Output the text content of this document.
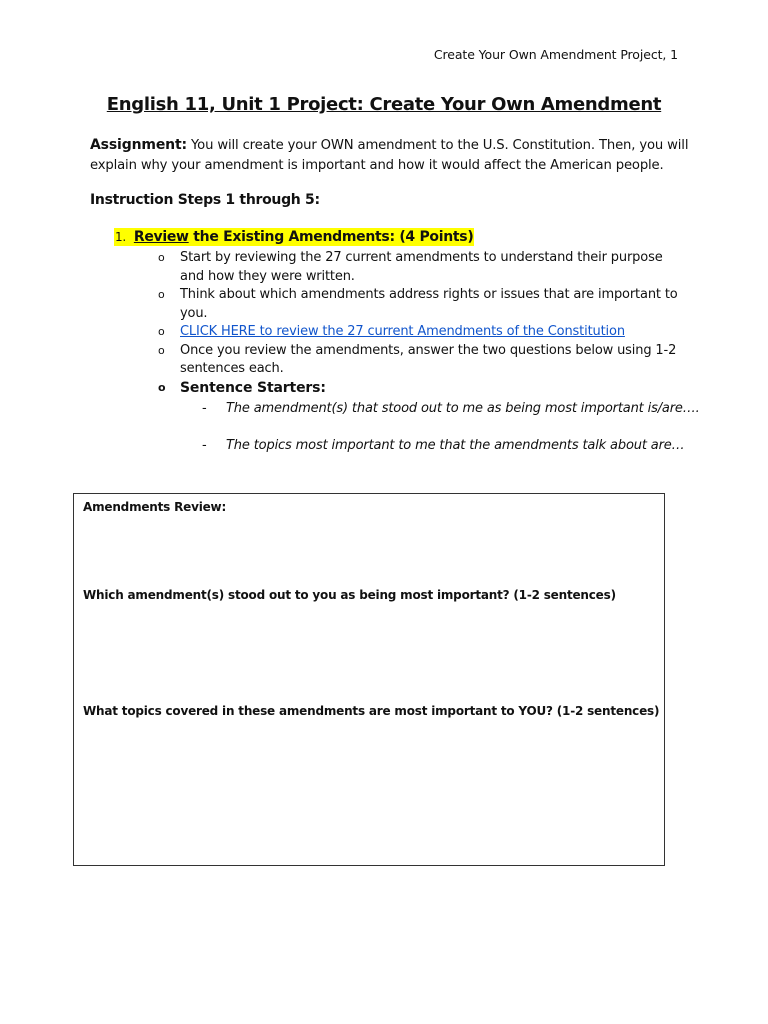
Create Your Own Amendment Project, 1
English 11, Unit 1 Project: Create Your Own Amendment
Assignment: You will create your OWN amendment to the U.S. Constitution. Then, you will explain why your amendment is important and how it would affect the American people.
Instruction Steps 1 through 5:
1. Review the Existing Amendments: (4 Points)
o Start by reviewing the 27 current amendments to understand their purpose and how they were written.
o Think about which amendments address rights or issues that are important to you.
o CLICK HERE to review the 27 current Amendments of the Constitution
o Once you review the amendments, answer the two questions below using 1-2 sentences each.
o Sentence Starters:
- The amendment(s) that stood out to me as being most important is/are….
- The topics most important to me that the amendments talk about are…
Amendments Review:
Which amendment(s) stood out to you as being most important? (1-2 sentences)
What topics covered in these amendments are most important to YOU? (1-2 sentences)
